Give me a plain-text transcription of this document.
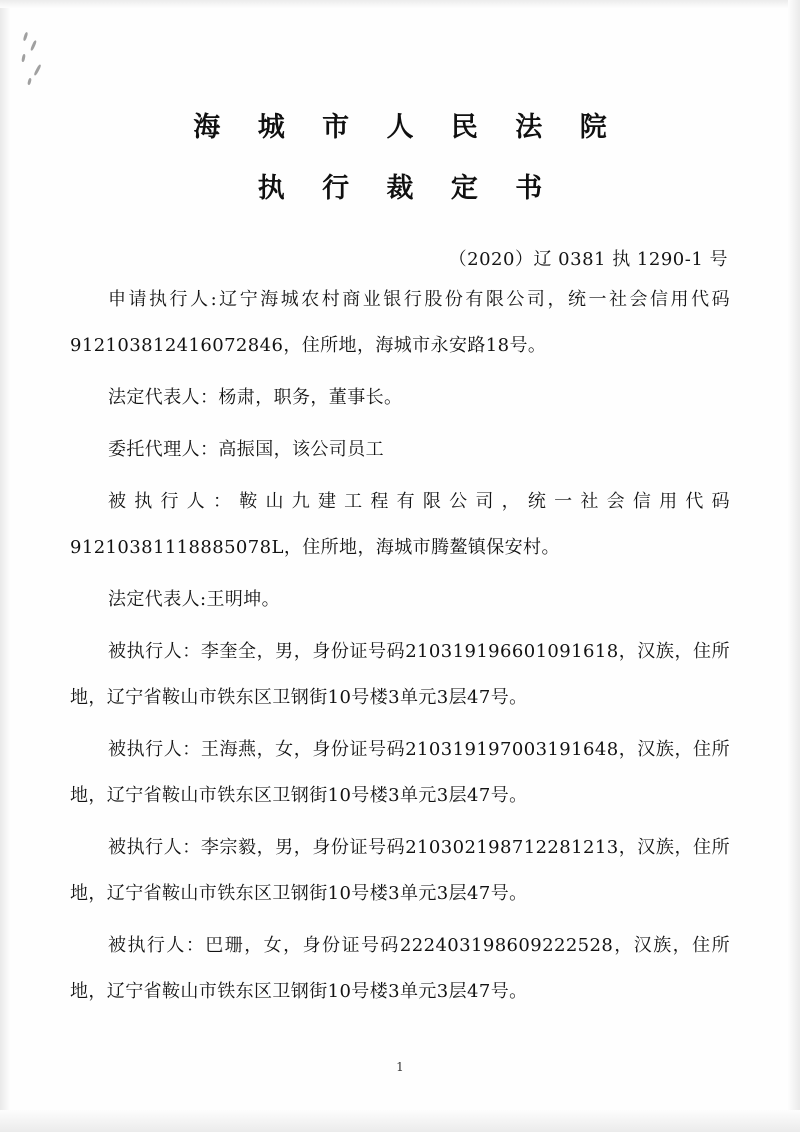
海 城 市 人 民 法 院
执 行 裁 定 书
（2020）辽 0381 执 1290-1 号

申请执行人:辽宁海城农村商业银行股份有限公司，统一社会信用代码912103812416072846，住所地，海城市永安路18号。

法定代表人：杨肃，职务，董事长。

委托代理人：高振国，该公司员工

被执行人：鞍山九建工程有限公司，统一社会信用代码91210381118885078L，住所地，海城市腾鳌镇保安村。

法定代表人:王明坤。

被执行人：李奎全，男，身份证号码210319196601091618，汉族，住所地，辽宁省鞍山市铁东区卫钢街10号楼3单元3层47号。

被执行人：王海燕，女，身份证号码210319197003191648，汉族，住所地，辽宁省鞍山市铁东区卫钢街10号楼3单元3层47号。

被执行人：李宗毅，男，身份证号码210302198712281213，汉族，住所地，辽宁省鞍山市铁东区卫钢街10号楼3单元3层47号。

被执行人：巴珊，女，身份证号码222403198609222528，汉族，住所地，辽宁省鞍山市铁东区卫钢街10号楼3单元3层47号。

1
